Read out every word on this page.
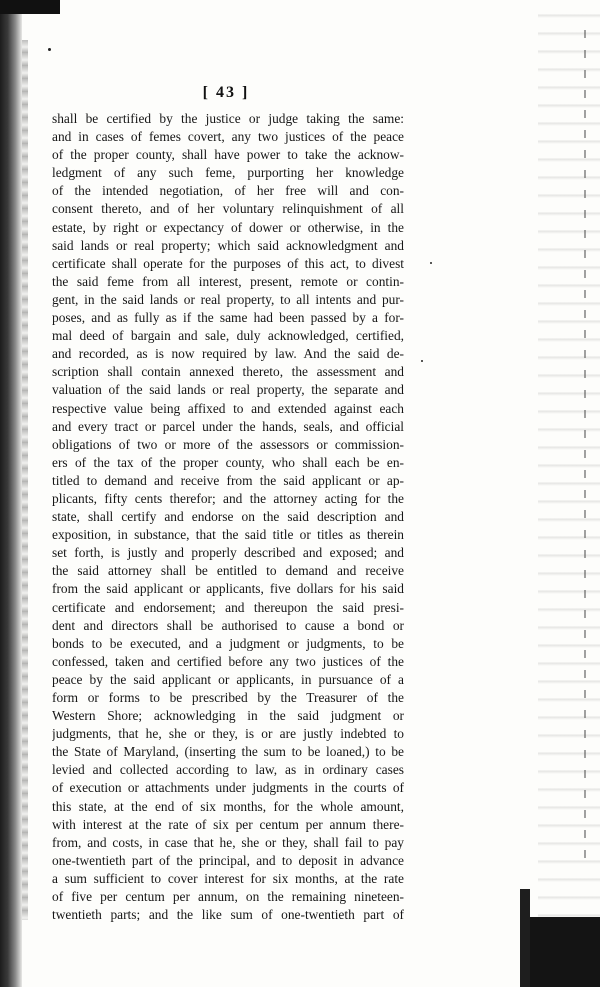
[ 43 ]
shall be certified by the justice or judge taking the same:
and in cases of femes covert, any two justices of the peace
of the proper county, shall have power to take the acknow-
ledgment of any such feme, purporting her knowledge
of the intended negotiation, of her free will and con-
consent thereto, and of her voluntary relinquishment of all
estate, by right or expectancy of dower or otherwise, in the
said lands or real property; which said acknowledgment and
certificate shall operate for the purposes of this act, to divest
the said feme from all interest, present, remote or contin-
gent, in the said lands or real property, to all intents and pur-
poses, and as fully as if the same had been passed by a for-
mal deed of bargain and sale, duly acknowledged, certified,
and recorded, as is now required by law. And the said de-
scription shall contain annexed thereto, the assessment and
valuation of the said lands or real property, the separate and
respective value being affixed to and extended against each
and every tract or parcel under the hands, seals, and official
obligations of two or more of the assessors or commission-
ers of the tax of the proper county, who shall each be en-
titled to demand and receive from the said applicant or ap-
plicants, fifty cents therefor; and the attorney acting for the
state, shall certify and endorse on the said description and
exposition, in substance, that the said title or titles as therein
set forth, is justly and properly described and exposed; and
the said attorney shall be entitled to demand and receive
from the said applicant or applicants, five dollars for his said
certificate and endorsement; and thereupon the said presi-
dent and directors shall be authorised to cause a bond or
bonds to be executed, and a judgment or judgments, to be
confessed, taken and certified before any two justices of the
peace by the said applicant or applicants, in pursuance of a
form or forms to be prescribed by the Treasurer of the
Western Shore; acknowledging in the said judgment or
judgments, that he, she or they, is or are justly indebted to
the State of Maryland, (inserting the sum to be loaned,) to be
levied and collected according to law, as in ordinary cases
of execution or attachments under judgments in the courts of
this state, at the end of six months, for the whole amount,
with interest at the rate of six per centum per annum there-
from, and costs, in case that he, she or they, shall fail to pay
one-twentieth part of the principal, and to deposit in advance
a sum sufficient to cover interest for six months, at the rate
of five per centum per annum, on the remaining nineteen-
twentieth parts; and the like sum of one-twentieth part of
